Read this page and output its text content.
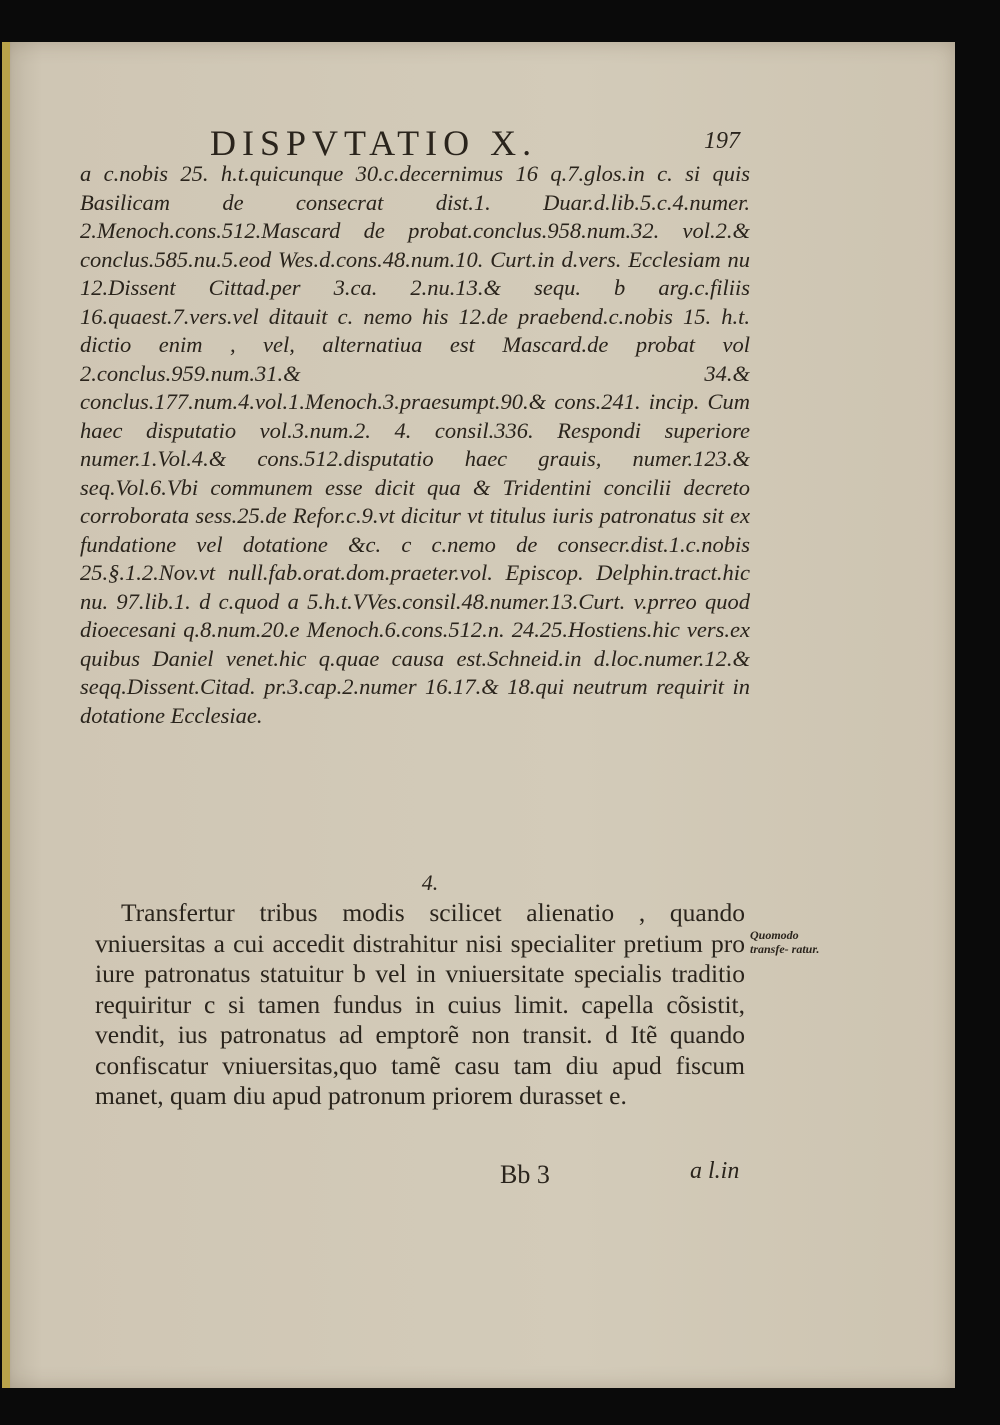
DISPVTATIO X.	197

a c.nobis 25. h.t.quicunque 30.c.decernimus 16 q.7.glos.in c. si quis Basilicam de consecrat dist.1. Duar.d.lib.5.c.4.numer. 2.Menoch.cons.512.Mascard de probat.conclus.958.num.32. vol.2.& conclus.585.nu.5.eod Wes.d.cons.48.num.10. Curt.in d.vers. Ecclesiam nu 12.Dissent Cittad.per 3.ca. 2.nu.13.& sequ. b arg.c.filiis 16.quaest.7.vers.vel ditauit c. nemo his 12.de praebend.c.nobis 15. h.t. dictio enim , vel, alternatiua est Mascard.de probat vol 2.conclus.959.num.31.& 34.& conclus.177.num.4.vol.1.Menoch.3.praesumpt.90.& cons.241. incip. Cum haec disputatio vol.3.num.2. 4. consil.336. Respondi superiore numer.1.Vol.4.& cons.512.disputatio haec grauis, numer.123.& seq.Vol.6.Vbi communem esse dicit qua & Tridentini concilii decreto corroborata sess.25.de Refor.c.9.vt dicitur vt titulus iuris patronatus sit ex fundatione vel dotatione &c. c c.nemo de consecr.dist.1.c.nobis 25.§.1.2.Nov.vt null.fab.orat.dom.praeter.vol. Episcop. Delphin.tract.hic nu. 97.lib.1. d c.quod a 5.h.t.VVes.consil.48.numer.13.Curt. v.prreo quod dioecesani q.8.num.20.e Menoch.6.cons.512.n. 24.25.Hostiens.hic vers.ex quibus Daniel venet.hic q.quae causa est.Schneid.in d.loc.numer.12.& seqq.Dissent.Citad. pr.3.cap.2.numer 16.17.& 18.qui neutrum requirit in dotatione Ecclesiae.

4.

Transfertur tribus modis scilicet alienatio , quando vniuersitas a cui accedit distrahitur nisi specialiter pretium pro iure patronatus statuitur b vel in vniuersitate specialis traditio requiritur c si tamen fundus in cuius limit. capella cõsistit, vendit, ius patronatus ad emptorẽ non transit. d Itẽ quando confiscatur vniuersitas,quo tamẽ casu tam diu apud fiscum manet, quam diu apud patronum priorem durasset e.

Quomodo transfe- ratur.
Bb 3	a l.in
